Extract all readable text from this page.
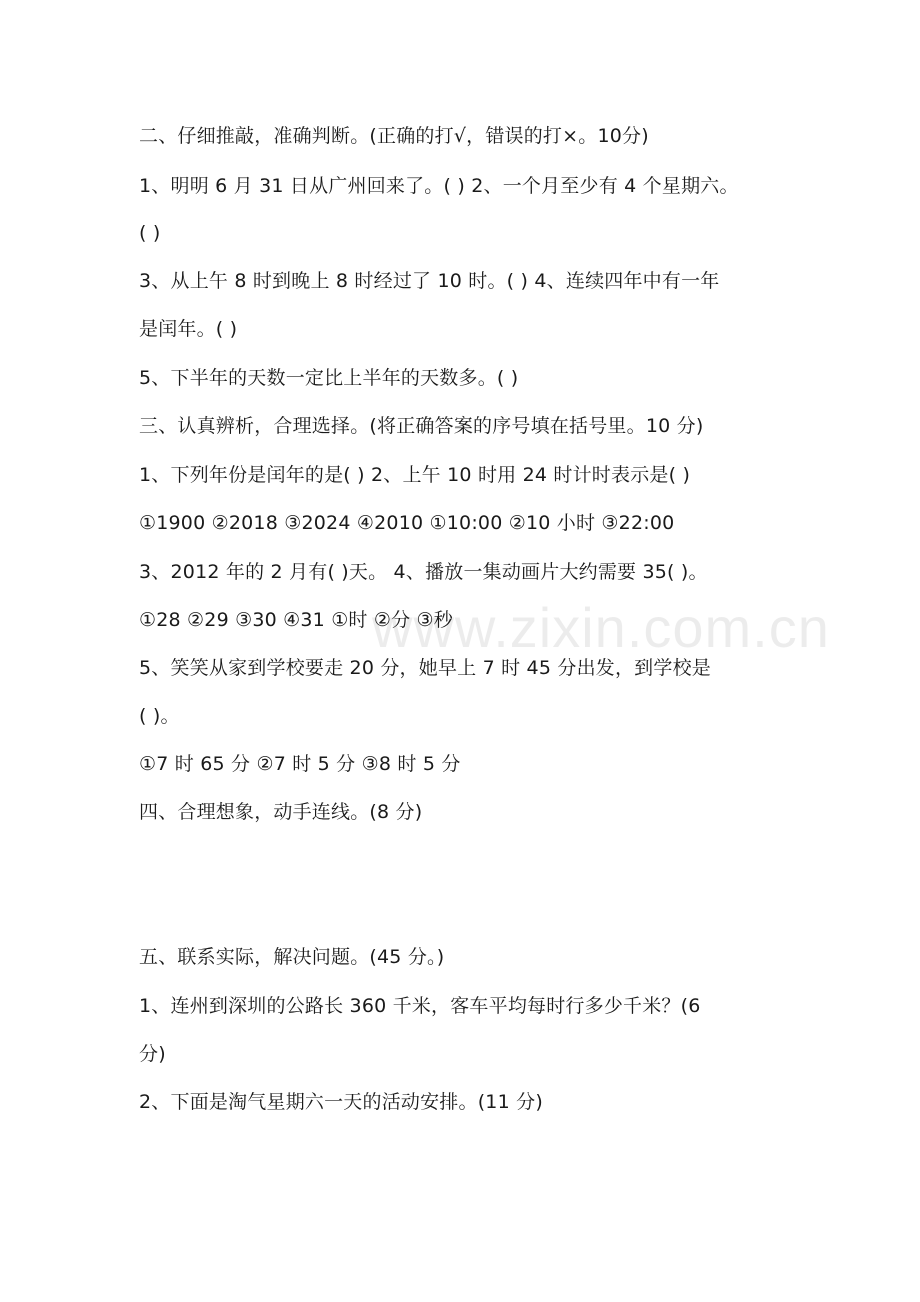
二、仔细推敲，准确判断。(正确的打√，错误的打×。10分)
1、明明 6 月 31 日从广州回来了。( ) 2、一个月至少有 4 个星期六。
( )
3、从上午 8 时到晚上 8 时经过了 10 时。( ) 4、连续四年中有一年
是闰年。( )
5、下半年的天数一定比上半年的天数多。( )
三、认真辨析，合理选择。(将正确答案的序号填在括号里。10 分)
1、下列年份是闰年的是( ) 2、上午 10 时用 24 时计时表示是( )
①1900 ②2018 ③2024 ④2010 ①10:00 ②10 小时 ③22:00
3、2012 年的 2 月有( )天。 4、播放一集动画片大约需要 35( )。
①28 ②29 ③30 ④31 ①时 ②分 ③秒
5、笑笑从家到学校要走 20 分，她早上 7 时 45 分出发，到学校是
( )。
①7 时 65 分 ②7 时 5 分 ③8 时 5 分
四、合理想象，动手连线。(8 分)
五、联系实际，解决问题。(45 分。)
1、连州到深圳的公路长 360 千米，客车平均每时行多少千米？(6
分)
2、下面是淘气星期六一天的活动安排。(11 分)
www.zixin.com.cn
